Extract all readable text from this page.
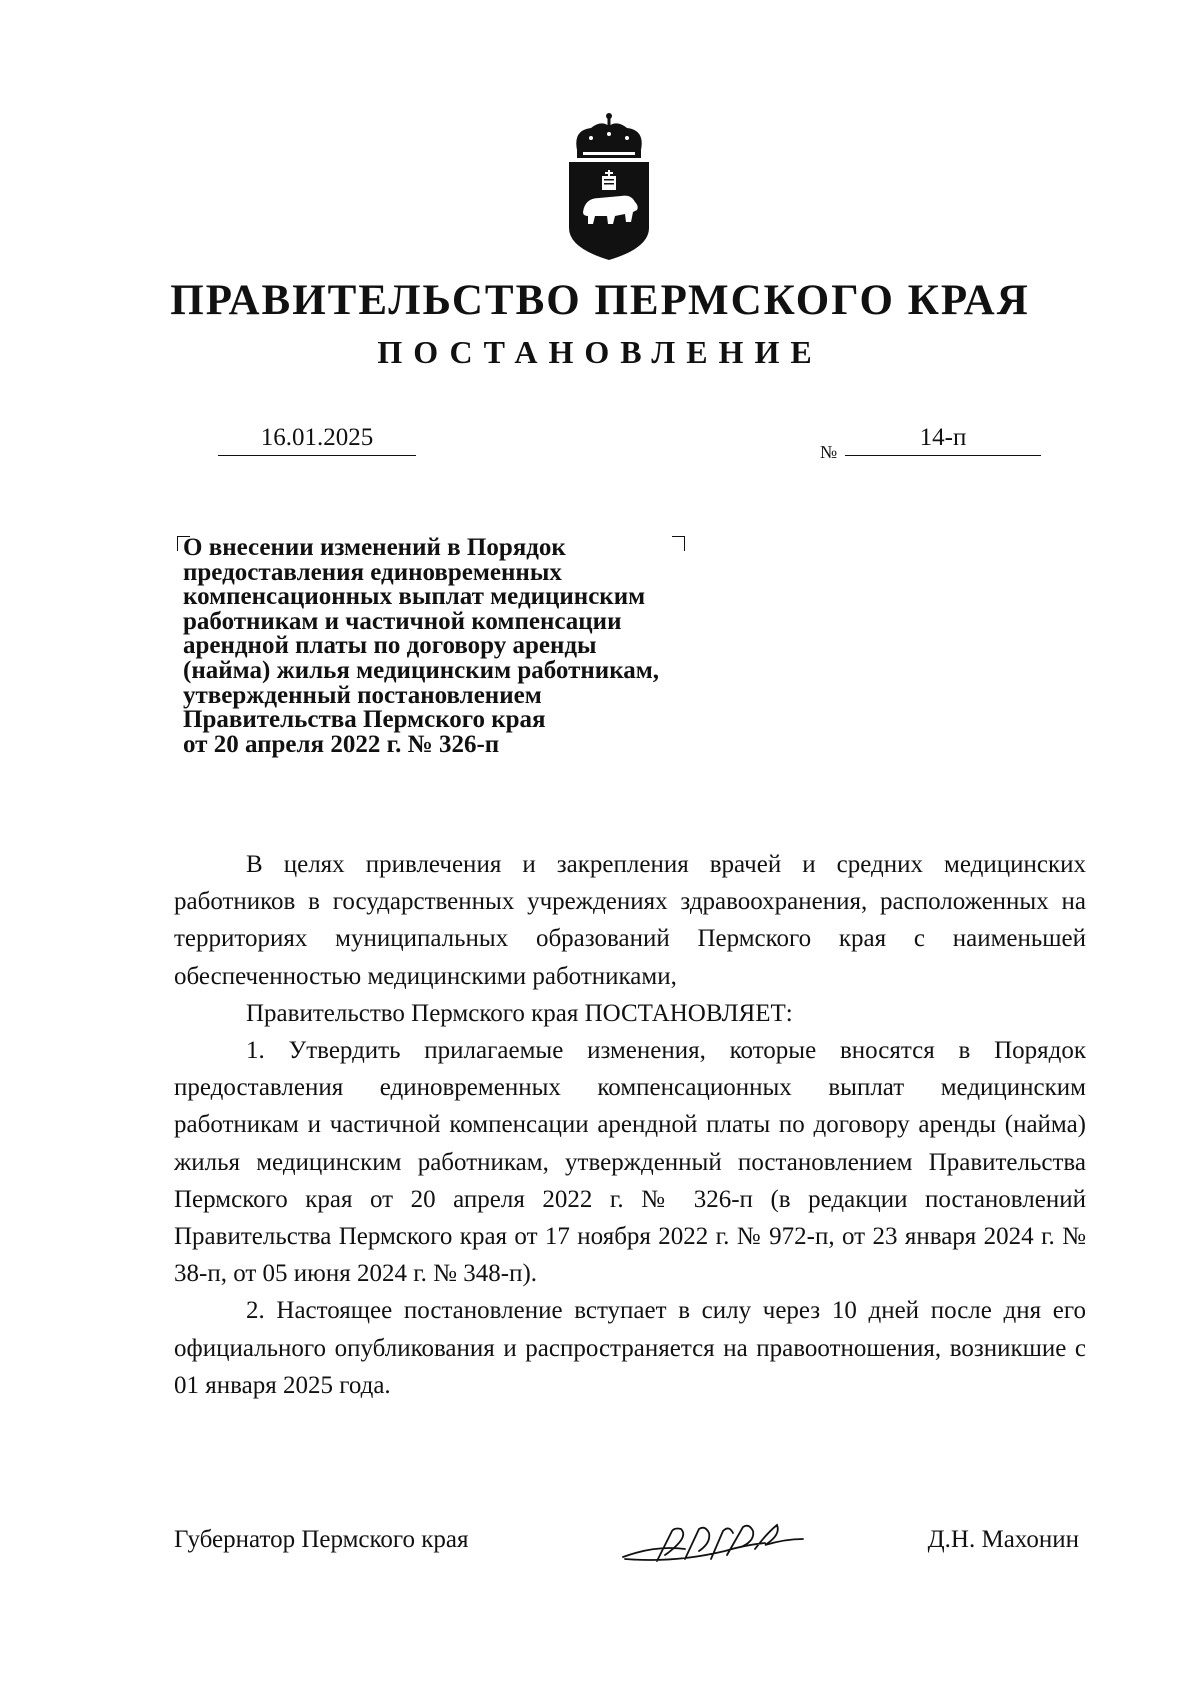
ПРАВИТЕЛЬСТВО ПЕРМСКОГО КРАЯ
ПОСТАНОВЛЕНИЕ
16.01.2025
№
14-п
О внесении изменений в Порядок
предоставления единовременных
компенсационных выплат медицинским
работникам и частичной компенсации
арендной платы по договору аренды
(найма) жилья медицинским работникам,
утвержденный постановлением
Правительства Пермского края
от 20 апреля 2022 г. № 326-п

В целях привлечения и закрепления врачей и средних медицинских работников в государственных учреждениях здравоохранения, расположенных на территориях муниципальных образований Пермского края с наименьшей обеспеченностью медицинскими работниками,

Правительство Пермского края ПОСТАНОВЛЯЕТ:

1. Утвердить прилагаемые изменения, которые вносятся в Порядок предоставления единовременных компенсационных выплат медицинским работникам и частичной компенсации арендной платы по договору аренды (найма) жилья медицинским работникам, утвержденный постановлением Правительства Пермского края от 20 апреля 2022 г. № 326-п (в редакции постановлений Правительства Пермского края от 17 ноября 2022 г. № 972-п, от 23 января 2024 г. № 38-п, от 05 июня 2024 г. № 348-п).

2. Настоящее постановление вступает в силу через 10 дней после дня его официального опубликования и распространяется на правоотношения, возникшие с 01 января 2025 года.

Губернатор Пермского края	Д.Н. Махонин
